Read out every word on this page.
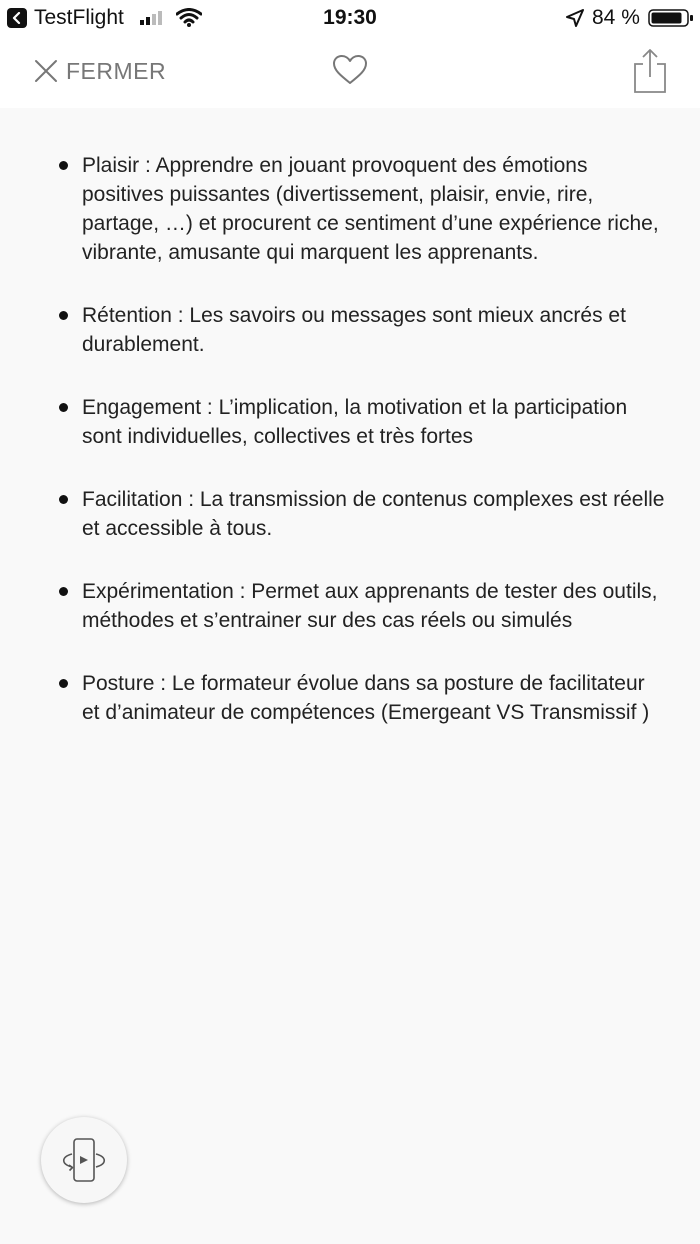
TestFlight	19:30	84 %
FERMER
Plaisir : Apprendre en jouant provoquent des émotions positives puissantes (divertissement, plaisir, envie, rire, partage, …) et procurent ce sentiment d’une expérience riche, vibrante, amusante qui marquent les apprenants.
Rétention : Les savoirs ou messages sont mieux ancrés et durablement.
Engagement : L’implication, la motivation et la participation sont individuelles, collectives et très fortes
Facilitation : La transmission de contenus complexes est réelle et accessible à tous.
Expérimentation : Permet aux apprenants de tester des outils, méthodes et s’entrainer sur des cas réels ou simulés
Posture : Le formateur évolue dans sa posture de facilitateur et d’animateur de compétences (Emergeant VS Transmissif )
